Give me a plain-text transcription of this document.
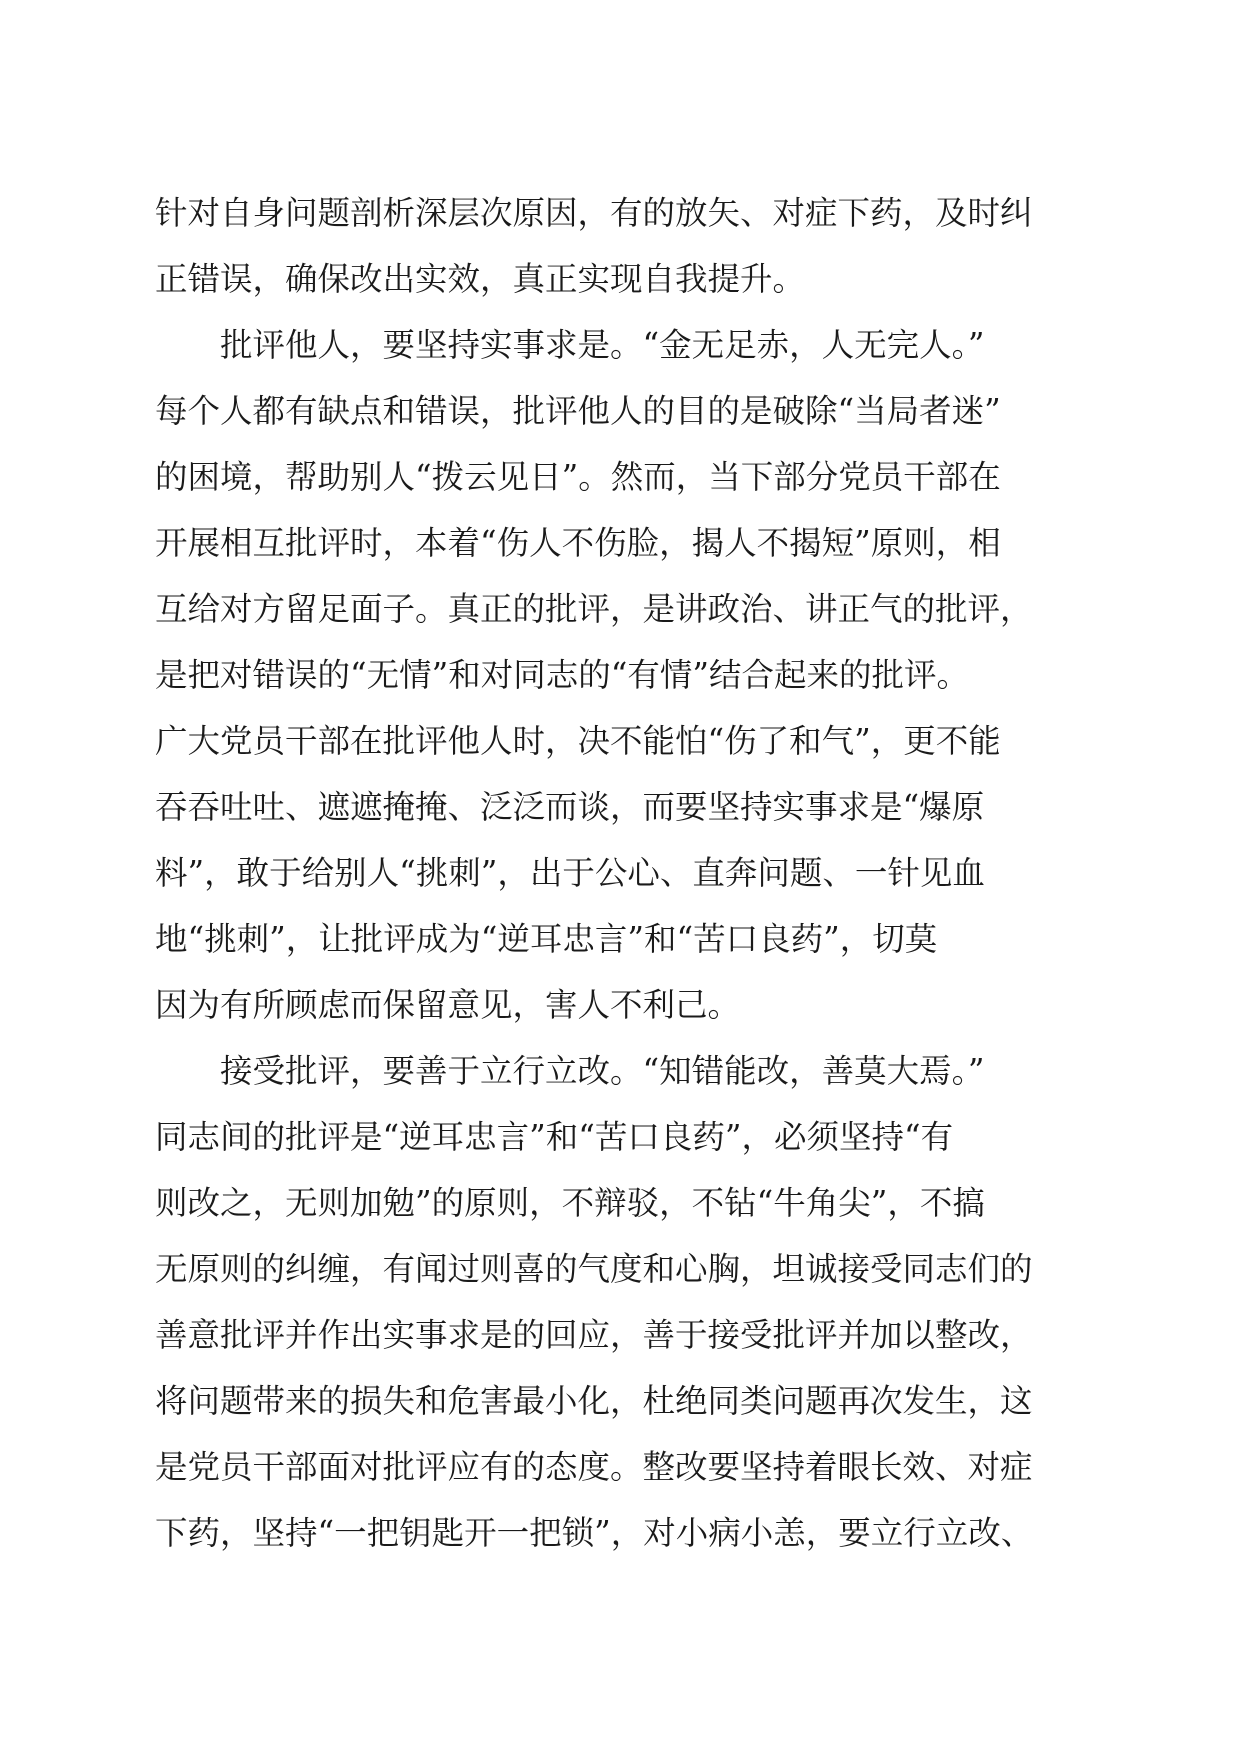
针对自身问题剖析深层次原因，有的放矢、对症下药，及时纠
正错误，确保改出实效，真正实现自我提升。
批评他人，要坚持实事求是。“金无足赤，人无完人。”
每个人都有缺点和错误，批评他人的目的是破除“当局者迷”
的困境，帮助别人“拨云见日”。然而，当下部分党员干部在
开展相互批评时，本着“伤人不伤脸，揭人不揭短”原则，相
互给对方留足面子。真正的批评，是讲政治、讲正气的批评，
是把对错误的“无情”和对同志的“有情”结合起来的批评。
广大党员干部在批评他人时，决不能怕“伤了和气”，更不能
吞吞吐吐、遮遮掩掩、泛泛而谈，而要坚持实事求是“爆原
料”，敢于给别人“挑刺”，出于公心、直奔问题、一针见血
地“挑刺”，让批评成为“逆耳忠言”和“苦口良药”，切莫
因为有所顾虑而保留意见，害人不利己。
接受批评，要善于立行立改。“知错能改，善莫大焉。”
同志间的批评是“逆耳忠言”和“苦口良药”，必须坚持“有
则改之，无则加勉”的原则，不辩驳，不钻“牛角尖”，不搞
无原则的纠缠，有闻过则喜的气度和心胸，坦诚接受同志们的
善意批评并作出实事求是的回应，善于接受批评并加以整改，
将问题带来的损失和危害最小化，杜绝同类问题再次发生，这
是党员干部面对批评应有的态度。整改要坚持着眼长效、对症
下药，坚持“一把钥匙开一把锁”，对小病小恙，要立行立改、
